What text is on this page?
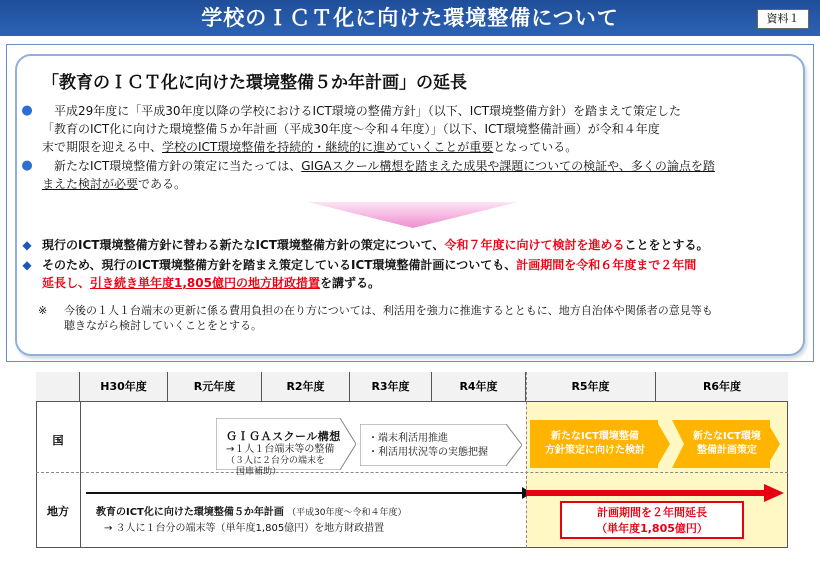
学校のＩＣＴ化に向けた環境整備について	資料１
「教育のＩＣＴ化に向けた環境整備５か年計画」の延長
● 　平成29年度に「平成30年度以降の学校におけるICT環境の整備方針」（以下、ICT環境整備方針）を踏まえて策定した
「教育のICT化に向けた環境整備５か年計画（平成30年度～令和４年度）」（以下、ICT環境整備計画）が令和４年度
末で期限を迎える中、学校のICT環境整備を持続的・継続的に進めていくことが重要となっている。
● 　新たなICT環境整備方針の策定に当たっては、GIGAスクール構想を踏まえた成果や課題についての検証や、多くの論点を踏
まえた検討が必要である。
◆ 現行のICT環境整備方針に替わる新たなICT環境整備方針の策定について、令和７年度に向けて検討を進めることをとする。
◆ そのため、現行のICT環境整備方針を踏まえ策定しているICT環境整備計画についても、計画期間を令和６年度まで２年間
延長し、引き続き単年度1,805億円の地方財政措置を講ずる。
※ 今後の１人１台端末の更新に係る費用負担の在り方については、利活用を強力に推進するとともに、地方自治体や関係者の意見等も
聴きながら検討していくことをとする。
H30年度	R元年度	R2年度	R3年度	R4年度	R5年度	R6年度
国
地方
ＧＩＧＡスクール構想
→１人１台端末等の整備
（３人に２台分の端末を
国庫補助）
・端末利活用推進
・利活用状況等の実態把握
新たなICT環境整備
方針策定に向けた検討
新たなICT環境
整備計画策定
教育のICT化に向けた環境整備５か年計画 （平成30年度～令和４年度）
→ ３人に１台分の端末等（単年度1,805億円）を地方財政措置
計画期間を２年間延長
（単年度1,805億円）
